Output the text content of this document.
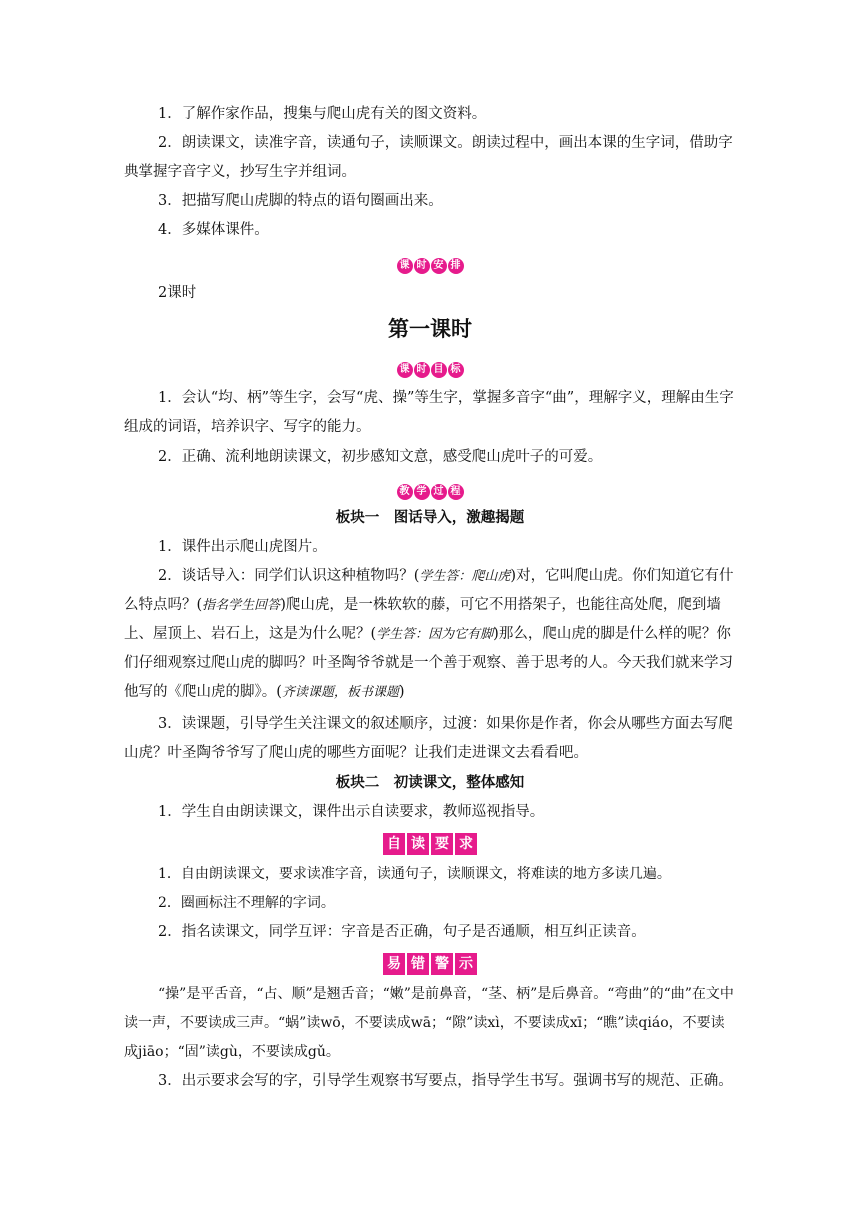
1．了解作家作品，搜集与爬山虎有关的图文资料。

2．朗读课文，读准字音，读通句子，读顺课文。朗读过程中，画出本课的生字词，借助字典掌握字音字义，抄写生字并组词。

3．把描写爬山虎脚的特点的语句圈画出来。

4．多媒体课件。

课 时 安 排

2课时

第一课时
课 时 目 标

1．会认“均、柄”等生字，会写“虎、操”等生字，掌握多音字“曲”，理解字义，理解由生字组成的词语，培养识字、写字的能力。

2．正确、流利地朗读课文，初步感知文意，感受爬山虎叶子的可爱。

教 学 过 程
板块一　图话导入，激趣揭题

1．课件出示爬山虎图片。

2．谈话导入：同学们认识这种植物吗？(学生答：爬山虎)对，它叫爬山虎。你们知道它有什么特点吗？(指名学生回答)爬山虎，是一株软软的藤，可它不用搭架子，也能往高处爬，爬到墙上、屋顶上、岩石上，这是为什么呢？(学生答：因为它有脚)那么，爬山虎的脚是什么样的呢？你们仔细观察过爬山虎的脚吗？叶圣陶爷爷就是一个善于观察、善于思考的人。今天我们就来学习他写的《爬山虎的脚》。(齐读课题，板书课题)

3．读课题，引导学生关注课文的叙述顺序，过渡：如果你是作者，你会从哪些方面去写爬山虎？叶圣陶爷爷写了爬山虎的哪些方面呢？让我们走进课文去看看吧。

板块二　初读课文，整体感知

1．学生自由朗读课文，课件出示自读要求，教师巡视指导。

自 读 要 求

1．自由朗读课文，要求读准字音，读通句子，读顺课文，将难读的地方多读几遍。

2．圈画标注不理解的字词。

2．指名读课文，同学互评：字音是否正确，句子是否通顺，相互纠正读音。

易 错 警 示

“操”是平舌音，“占、顺”是翘舌音；“嫩”是前鼻音，“茎、柄”是后鼻音。“弯曲”的“曲”在文中读一声，不要读成三声。“蜗”读wō，不要读成wā；“隙”读xì，不要读成xī；“瞧”读qiáo，不要读成jiāo；“固”读gù，不要读成gǔ。

3．出示要求会写的字，引导学生观察书写要点，指导学生书写。强调书写的规范、正确。
